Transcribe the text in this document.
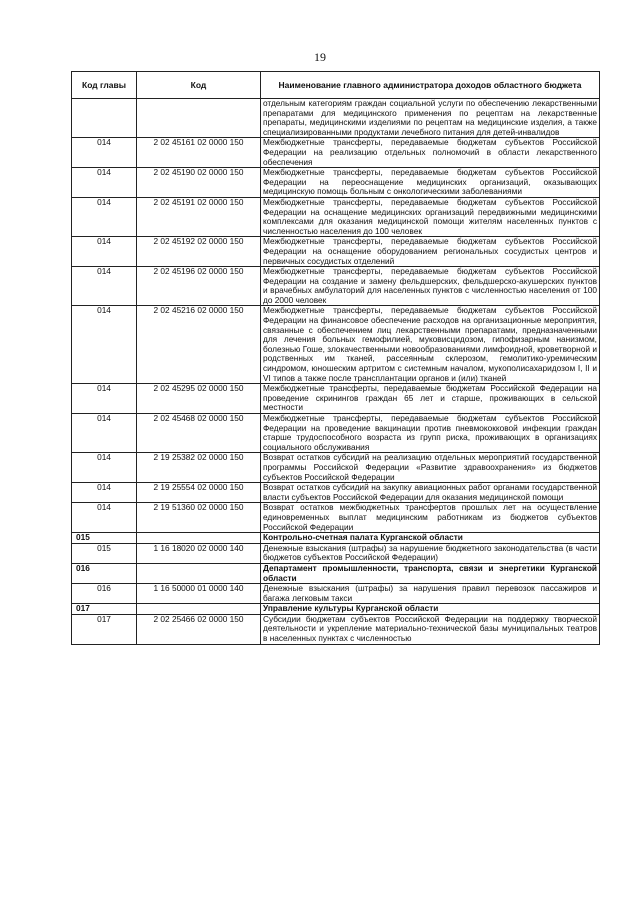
19
Код главы	Код	Наименование главного администратора доходов областного бюджета
		отдельным категориям граждан социальной услуги по обеспечению лекарственными препаратами для медицинского применения по рецептам на лекарственные препараты, медицинскими изделиями по рецептам на медицинские изделия, а также специализированными продуктами лечебного питания для детей-инвалидов
014	2 02 45161 02 0000 150	Межбюджетные трансферты, передаваемые бюджетам субъектов Российской Федерации на реализацию отдельных полномочий в области лекарственного обеспечения
014	2 02 45190 02 0000 150	Межбюджетные трансферты, передаваемые бюджетам субъектов Российской Федерации на переоснащение медицинских организаций, оказывающих медицинскую помощь больным с онкологическими заболеваниями
014	2 02 45191 02 0000 150	Межбюджетные трансферты, передаваемые бюджетам субъектов Российской Федерации на оснащение медицинских организаций передвижными медицинскими комплексами для оказания медицинской помощи жителям населенных пунктов с численностью населения до 100 человек
014	2 02 45192 02 0000 150	Межбюджетные трансферты, передаваемые бюджетам субъектов Российской Федерации на оснащение оборудованием региональных сосудистых центров и первичных сосудистых отделений
014	2 02 45196 02 0000 150	Межбюджетные трансферты, передаваемые бюджетам субъектов Российской Федерации на создание и замену фельдшерских, фельдшерско-акушерских пунктов и врачебных амбулаторий для населенных пунктов с численностью населения от 100 до 2000 человек
014	2 02 45216 02 0000 150	Межбюджетные трансферты, передаваемые бюджетам субъектов Российской Федерации на финансовое обеспечение расходов на организационные мероприятия, связанные с обеспечением лиц лекарственными препаратами, предназначенными для лечения больных гемофилией, муковисцидозом, гипофизарным нанизмом, болезнью Гоше, злокачественными новообразованиями лимфоидной, кроветворной и родственных им тканей, рассеянным склерозом, гемолитико-уремическим синдромом, юношеским артритом с системным началом, мукополисахаридозом I, II и VI типов а также после трансплантации органов и (или) тканей
014	2 02 45295 02 0000 150	Межбюджетные трансферты, передаваемые бюджетам Российской Федерации на проведение скринингов граждан 65 лет и старше, проживающих в сельской местности
014	2 02 45468 02 0000 150	Межбюджетные трансферты, передаваемые бюджетам субъектов Российской Федерации на проведение вакцинации против пневмококковой инфекции граждан старше трудоспособного возраста из групп риска, проживающих в организациях социального обслуживания
014	2 19 25382 02 0000 150	Возврат остатков субсидий на реализацию отдельных мероприятий государственной программы Российской Федерации «Развитие здравоохранения» из бюджетов субъектов Российской Федерации
014	2 19 25554 02 0000 150	Возврат остатков субсидий на закупку авиационных работ органами государственной власти субъектов Российской Федерации для оказания медицинской помощи
014	2 19 51360 02 0000 150	Возврат остатков межбюджетных трансфертов прошлых лет на осуществление единовременных выплат медицинским работникам из бюджетов субъектов Российской Федерации
015		Контрольно-счетная палата Курганской области
015	1 16 18020 02 0000 140	Денежные взыскания (штрафы) за нарушение бюджетного законодательства (в части бюджетов субъектов Российской Федерации)
016		Департамент промышленности, транспорта, связи и энергетики Курганской области
016	1 16 50000 01 0000 140	Денежные взыскания (штрафы) за нарушения правил перевозок пассажиров и багажа легковым такси
017		Управление культуры Курганской области
017	2 02 25466 02 0000 150	Субсидии бюджетам субъектов Российской Федерации на поддержку творческой деятельности и укрепление материально-технической базы муниципальных театров в населенных пунктах с численностью
